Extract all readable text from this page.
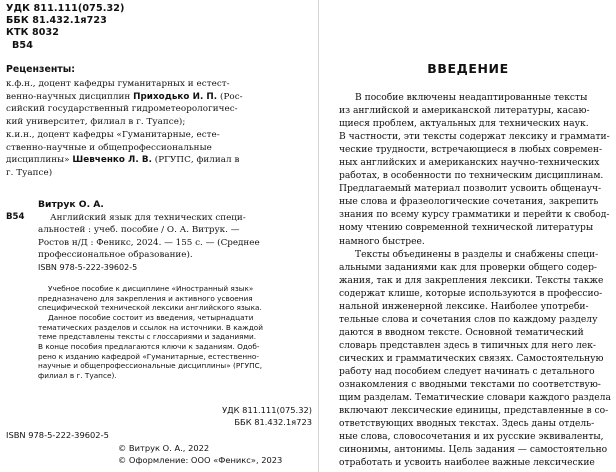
УДК 811.111(075.32)
ББК 81.432.1я723
КТК 8032
В54
Рецензенты:
к.ф.н., доцент кафедры гуманитарных и естест-
венно-научных дисциплин Приходько И. П. (Рос-
сийский государственный гидрометеорологичес-
кий университет, филиал в г. Туапсе);
к.и.н., доцент кафедры «Гуманитарные, есте-
ственно-научные и общепрофессиональные
дисциплины» Шевченко Л. В. (РГУПС, филиал в
г. Туапсе)
Витрук О. А.
В54	Английский язык для технических специ-
альностей : учеб. пособие / О. А. Витрук. —
Ростов н/Д : Феникс, 2024. — 155 с. — (Среднее
профессиональное образование).
ISBN 978-5-222-39602-5
Учебное пособие к дисциплине «Иностранный язык»
предназначено для закрепления и активного усвоения
специфической технической лексики английского языка.
Данное пособие состоит из введения, четырнадцати
тематических разделов и ссылок на источники. В каждой
теме представлены тексты с глоссариями и заданиями.
В конце пособия предлагаются ключи к заданиям. Одоб-
рено к изданию кафедрой «Гуманитарные, естественно-
научные и общепрофессиональные дисциплины» (РГУПС,
филиал в г. Туапсе).
УДК 811.111(075.32)
ББК 81.432.1я723
ISBN 978-5-222-39602-5
© Витрук О. А., 2022
© Оформление: ООО «Феникс», 2023
ВВЕДЕНИЕ
В пособие включены неадаптированные тексты
из английской и американской литературы, касаю-
щиеся проблем, актуальных для технических наук.
В частности, эти тексты содержат лексику и граммати-
ческие трудности, встречающиеся в любых современ-
ных английских и американских научно-технических
работах, в особенности по техническим дисциплинам.
Предлагаемый материал позволит усвоить общенауч-
ные слова и фразеологические сочетания, закрепить
знания по всему курсу грамматики и перейти к свобод-
ному чтению современной технической литературы
намного быстрее.
Тексты объединены в разделы и снабжены специ-
альными заданиями как для проверки общего содер-
жания, так и для закрепления лексики. Тексты также
содержат клише, которые используются в профессио-
нальной инженерной лексике. Наиболее употреби-
тельные слова и сочетания слов по каждому разделу
даются в вводном тексте. Основной тематический
словарь представлен здесь в типичных для него лек-
сических и грамматических связях. Самостоятельную
работу над пособием следует начинать с детального
ознакомления с вводными текстами по соответствую-
щим разделам. Тематические словари каждого раздела
включают лексические единицы, представленные в со-
ответствующих вводных текстах. Здесь даны отдель-
ные слова, словосочетания и их русские эквиваленты,
синонимы, антонимы. Цель задания — самостоятельно
отработать и усвоить наиболее важные лексические
